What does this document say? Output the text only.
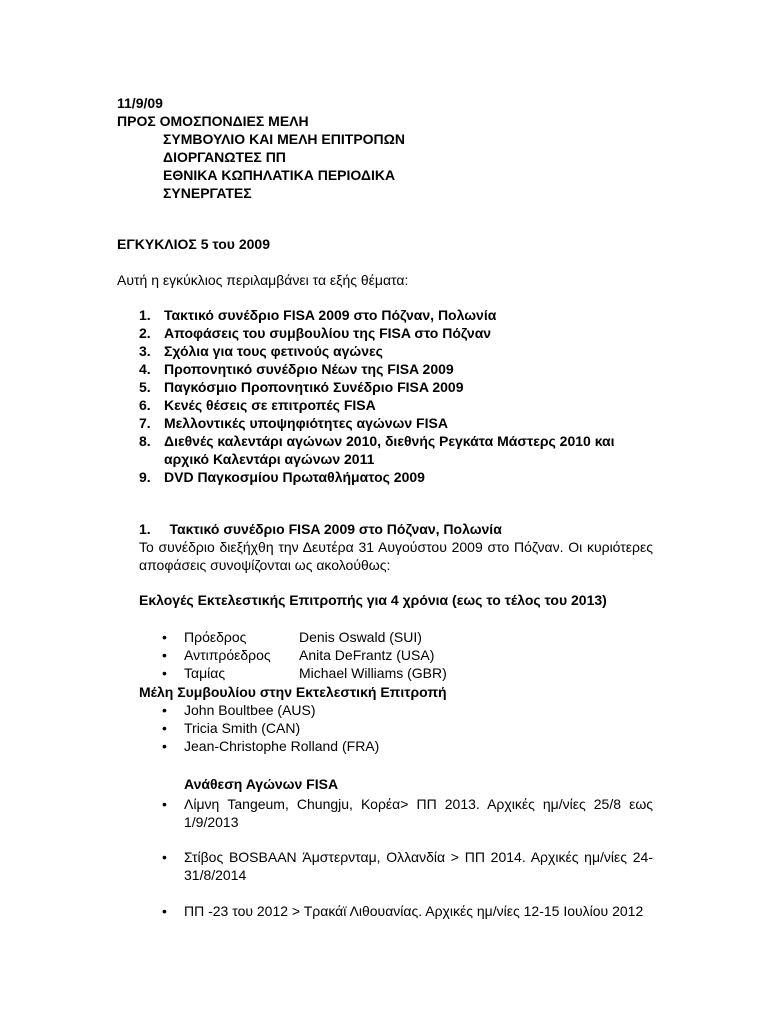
11/9/09
ΠΡΟΣ ΟΜΟΣΠΟΝΔΙΕΣ ΜΕΛΗ
ΣΥΜΒΟΥΛΙΟ ΚΑΙ ΜΕΛΗ ΕΠΙΤΡΟΠΩΝ
ΔΙΟΡΓΑΝΩΤΕΣ ΠΠ
ΕΘΝΙΚΑ ΚΩΠΗΛΑΤΙΚΑ ΠΕΡΙΟΔΙΚΑ
ΣΥΝΕΡΓΑΤΕΣ
ΕΓΚΥΚΛΙΟΣ 5 του 2009
Αυτή η εγκύκλιος περιλαμβάνει τα εξής θέματα:
1. Τακτικό συνέδριο FISA 2009 στο Πόζναν, Πολωνία
2. Αποφάσεις του συμβουλίου της FISA στο Πόζναν
3. Σχόλια για τους φετινούς αγώνες
4. Προπονητικό συνέδριο Νέων της FISA 2009
5. Παγκόσμιο Προπονητικό Συνέδριο FISA 2009
6. Κενές θέσεις σε επιτροπές FISA
7. Μελλοντικές υποψηφιότητες αγώνων FISA
8. Διεθνές καλεντάρι αγώνων 2010, διεθνής Ρεγκάτα Μάστερς 2010 και αρχικό Καλεντάρι αγώνων 2011
9. DVD Παγκοσμίου Πρωταθλήματος 2009
1. Τακτικό συνέδριο FISA 2009 στο Πόζναν, Πολωνία
Το συνέδριο διεξήχθη την Δευτέρα 31 Αυγούστου 2009 στο Πόζναν. Οι κυριότερες αποφάσεις συνοψίζονται ως ακολούθως:
Εκλογές Εκτελεστικής Επιτροπής για 4 χρόνια (εως το τέλος του 2013)
• Πρόεδρος	Denis Oswald (SUI)
• Αντιπρόεδρος Anita DeFrantz (USA)
• Ταμίας	Michael Williams (GBR)
Μέλη Συμβουλίου στην Εκτελεστική Επιτροπή
• John Boultbee (AUS)
• Tricia Smith (CAN)
• Jean-Christophe Rolland (FRA)
Ανάθεση Αγώνων FISA
• Λίμνη Tangeum, Chungju, Κορέα> ΠΠ 2013. Αρχικές ημ/νίες 25/8 εως 1/9/2013
• Στίβος BOSBAAN Άμστερνταμ, Ολλανδία > ΠΠ 2014. Αρχικές ημ/νίες 24-31/8/2014
• ΠΠ -23 του 2012 > Τρακάϊ Λιθουανίας. Αρχικές ημ/νίες 12-15 Ιουλίου 2012
